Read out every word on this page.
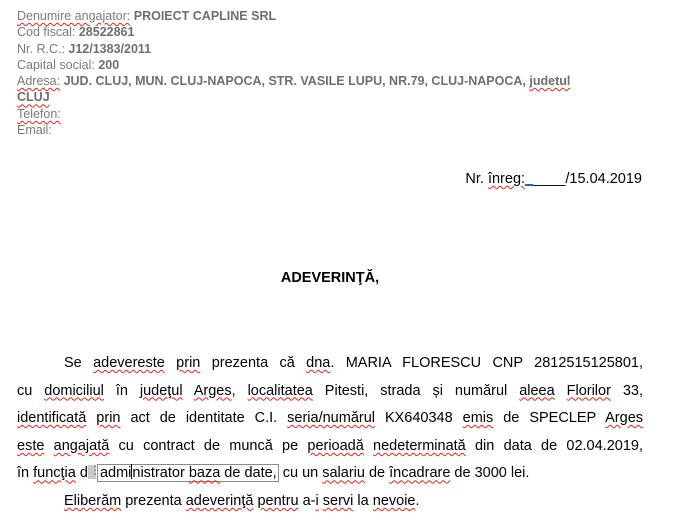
Denumire angajator: PROIECT CAPLINE SRL
Cod fiscal: 28522861
Nr. R.C.: J12/1383/2011
Capital social: 200
Adresa: JUD. CLUJ, MUN. CLUJ-NAPOCA, STR. VASILE LUPU, NR.79, CLUJ-NAPOCA, judetul
CLUJ
Telefon:
Email:
Nr. înreg:_____/15.04.2019
ADEVERINŢĂ,
Se adevereste prin prezenta că dna. MARIA FLORESCU CNP 2812515125801,
cu domiciliul în judeţul Arges, localitatea Pitesti, strada și numărul aleea Florilor 33,
identificată prin act de identitate C.I. seria/numărul KX640348 emis de SPECLEP Arges
este angajată cu contract de muncă pe perioadă nedeterminată din data de 02.04.2019,
în funcţia d⋮ administrator baza de date, cu un salariu de încadrare de 3000 lei.
Eliberăm prezenta adeverinţă pentru a-i servi la nevoie.
